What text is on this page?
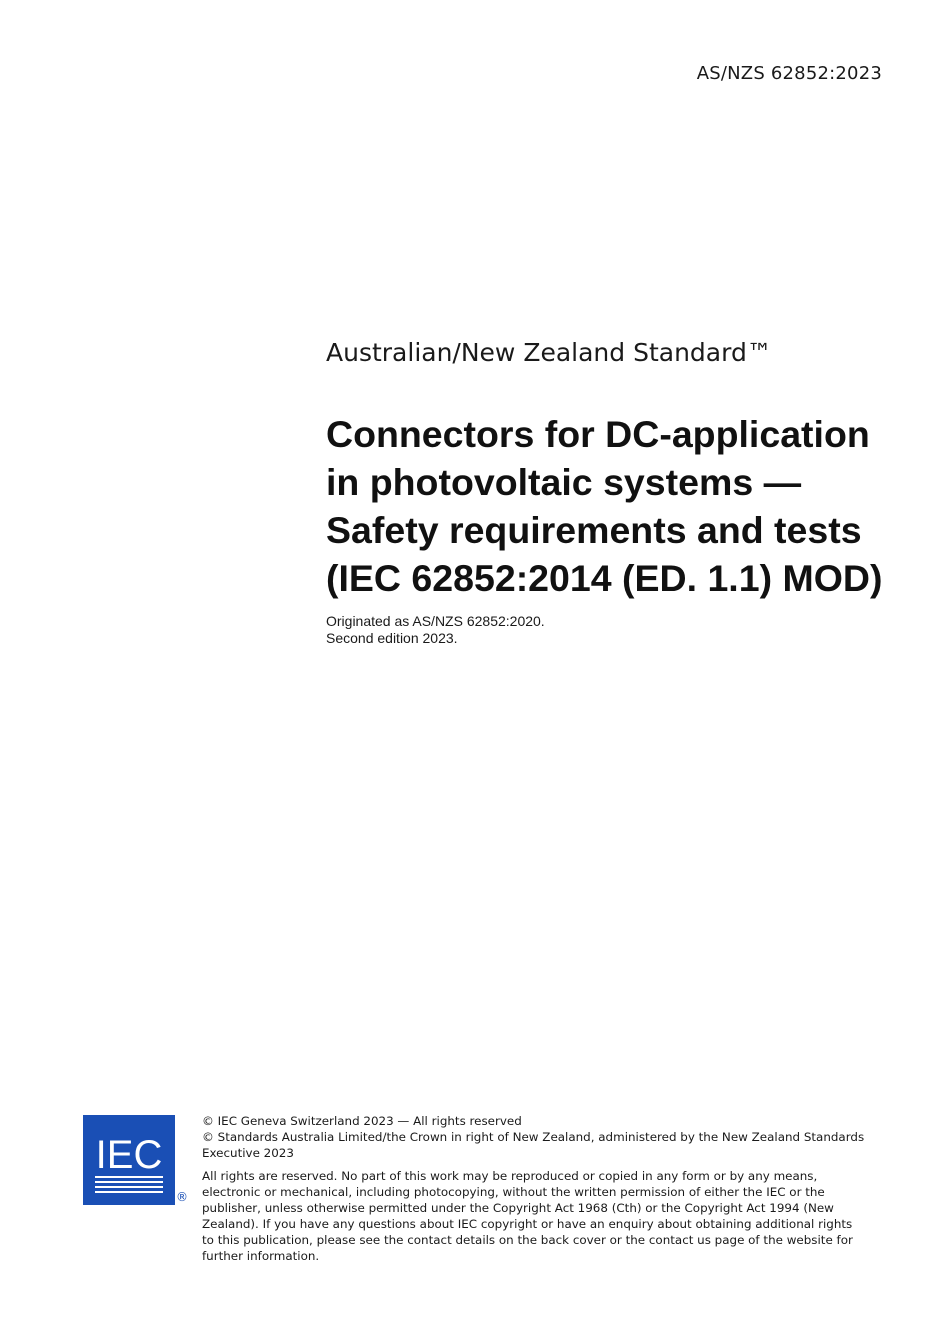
AS/NZS 62852:2023
Australian/New Zealand Standard™
Connectors for DC-application
in photovoltaic systems —
Safety requirements and tests
(IEC 62852:2014 (ED. 1.1) MOD)
Originated as AS/NZS 62852:2020.
Second edition 2023.
IEC
®
© IEC Geneva Switzerland 2023 — All rights reserved
© Standards Australia Limited/the Crown in right of New Zealand, administered by the New Zealand Standards
Executive 2023
All rights are reserved. No part of this work may be reproduced or copied in any form or by any means,
electronic or mechanical, including photocopying, without the written permission of either the IEC or the
publisher, unless otherwise permitted under the Copyright Act 1968 (Cth) or the Copyright Act 1994 (New
Zealand). If you have any questions about IEC copyright or have an enquiry about obtaining additional rights
to this publication, please see the contact details on the back cover or the contact us page of the website for
further information.
